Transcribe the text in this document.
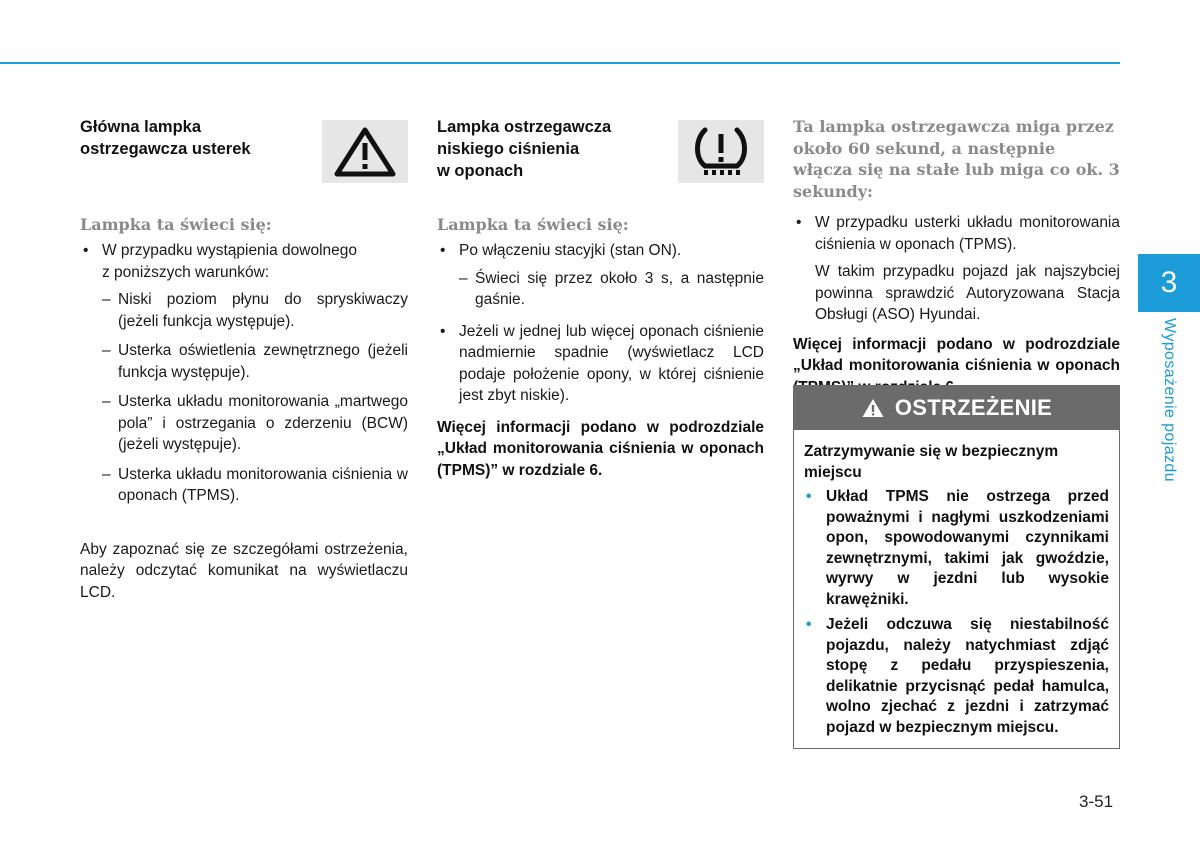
Główna lampka
ostrzegawcza usterek
Lampka ta świeci się:
• W przypadku wystąpienia dowolnego
z poniższych warunków:
– Niski poziom płynu do spryskiwaczy (jeżeli funkcja występuje).
– Usterka oświetlenia zewnętrznego (jeżeli funkcja występuje).
– Usterka układu monitorowania „martwego pola” i ostrzegania o zderzeniu (BCW) (jeżeli występuje).
– Usterka układu monitorowania ciśnienia w oponach (TPMS).
Aby zapoznać się ze szczegółami ostrzeżenia, należy odczytać komunikat na wyświetlaczu LCD.
Lampka ostrzegawcza
niskiego ciśnienia
w oponach
Lampka ta świeci się:
• Po włączeniu stacyjki (stan ON).
– Świeci się przez około 3 s, a następnie gaśnie.
• Jeżeli w jednej lub więcej oponach ciśnienie nadmiernie spadnie (wyświetlacz LCD podaje położenie opony, w której ciśnienie jest zbyt niskie).
Więcej informacji podano w podrozdziale „Układ monitorowania ciśnienia w oponach (TPMS)” w rozdziale 6.
Ta lampka ostrzegawcza miga przez około 60 sekund, a następnie włącza się na stałe lub miga co ok. 3 sekundy:
• W przypadku usterki układu monitorowania ciśnienia w oponach (TPMS).
W takim przypadku pojazd jak najszybciej powinna sprawdzić Autoryzowana Stacja Obsługi (ASO) Hyundai.
Więcej informacji podano w podrozdziale „Układ monitorowania ciśnienia w oponach
OSTRZEŻENIE
Zatrzymywanie się w bezpiecznym miejscu
• Układ TPMS nie ostrzega przed poważnymi i nagłymi uszkodzeniami opon, spowodowanymi czynnikami zewnętrznymi, takimi jak gwoździe, wyrwy w jezdni lub wysokie krawężniki.
• Jeżeli odczuwa się niestabilność pojazdu, należy natychmiast zdjąć stopę z pedału przyspieszenia, delikatnie przycisnąć pedał hamulca, wolno zjechać z jezdni i zatrzymać pojazd w bezpiecznym miejscu.
3
Wyposażenie pojazdu
3-51
